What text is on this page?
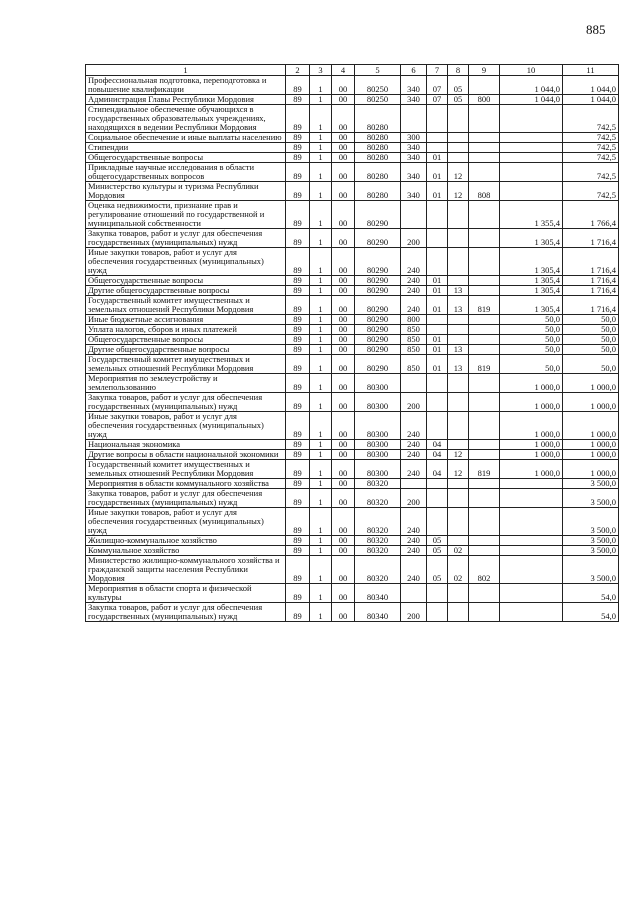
885
1	2	3	4	5	6	7	8	9	10	11
Профессиональная подготовка, переподготовка и повышение квалификации	89	1	00	80250	340	07	05		1 044,0	1 044,0
Администрация Главы Республики Мордовия	89	1	00	80250	340	07	05	800	1 044,0	1 044,0
Стипендиальное обеспечение обучающихся в государственных образовательных учреждениях, находящихся в ведении Республики Мордовия	89	1	00	80280						742,5
Социальное обеспечение и иные выплаты населению	89	1	00	80280	300					742,5
Стипендии	89	1	00	80280	340					742,5
Общегосударственные вопросы	89	1	00	80280	340	01				742,5
Прикладные научные исследования в области общегосударственных вопросов	89	1	00	80280	340	01	12			742,5
Министерство культуры и туризма Республики Мордовия	89	1	00	80280	340	01	12	808		742,5
Оценка недвижимости, признание прав и регулирование отношений по государственной и муниципальной собственности	89	1	00	80290					1 355,4	1 766,4
Закупка товаров, работ и услуг для обеспечения государственных (муниципальных) нужд	89	1	00	80290	200				1 305,4	1 716,4
Иные закупки товаров, работ и услуг для обеспечения государственных (муниципальных) нужд	89	1	00	80290	240				1 305,4	1 716,4
Общегосударственные вопросы	89	1	00	80290	240	01			1 305,4	1 716,4
Другие общегосударственные вопросы	89	1	00	80290	240	01	13		1 305,4	1 716,4
Государственный комитет имущественных и земельных отношений Республики Мордовия	89	1	00	80290	240	01	13	819	1 305,4	1 716,4
Иные бюджетные ассигнования	89	1	00	80290	800				50,0	50,0
Уплата налогов, сборов и иных платежей	89	1	00	80290	850				50,0	50,0
Общегосударственные вопросы	89	1	00	80290	850	01			50,0	50,0
Другие общегосударственные вопросы	89	1	00	80290	850	01	13		50,0	50,0
Государственный комитет имущественных и земельных отношений Республики Мордовия	89	1	00	80290	850	01	13	819	50,0	50,0
Мероприятия по землеустройству и землепользованию	89	1	00	80300					1 000,0	1 000,0
Закупка товаров, работ и услуг для обеспечения государственных (муниципальных) нужд	89	1	00	80300	200				1 000,0	1 000,0
Иные закупки товаров, работ и услуг для обеспечения государственных (муниципальных) нужд	89	1	00	80300	240				1 000,0	1 000,0
Национальная экономика	89	1	00	80300	240	04			1 000,0	1 000,0
Другие вопросы в области национальной экономики	89	1	00	80300	240	04	12		1 000,0	1 000,0
Государственный комитет имущественных и земельных отношений Республики Мордовия	89	1	00	80300	240	04	12	819	1 000,0	1 000,0
Мероприятия в области коммунального хозяйства	89	1	00	80320						3 500,0
Закупка товаров, работ и услуг для обеспечения государственных (муниципальных) нужд	89	1	00	80320	200					3 500,0
Иные закупки товаров, работ и услуг для обеспечения государственных (муниципальных) нужд	89	1	00	80320	240					3 500,0
Жилищно-коммунальное хозяйство	89	1	00	80320	240	05				3 500,0
Коммунальное хозяйство	89	1	00	80320	240	05	02			3 500,0
Министерство жилищно-коммунального хозяйства и гражданской защиты населения Республики Мордовия	89	1	00	80320	240	05	02	802		3 500,0
Мероприятия в области спорта и физической культуры	89	1	00	80340						54,0
Закупка товаров, работ и услуг для обеспечения государственных (муниципальных) нужд	89	1	00	80340	200					54,0
